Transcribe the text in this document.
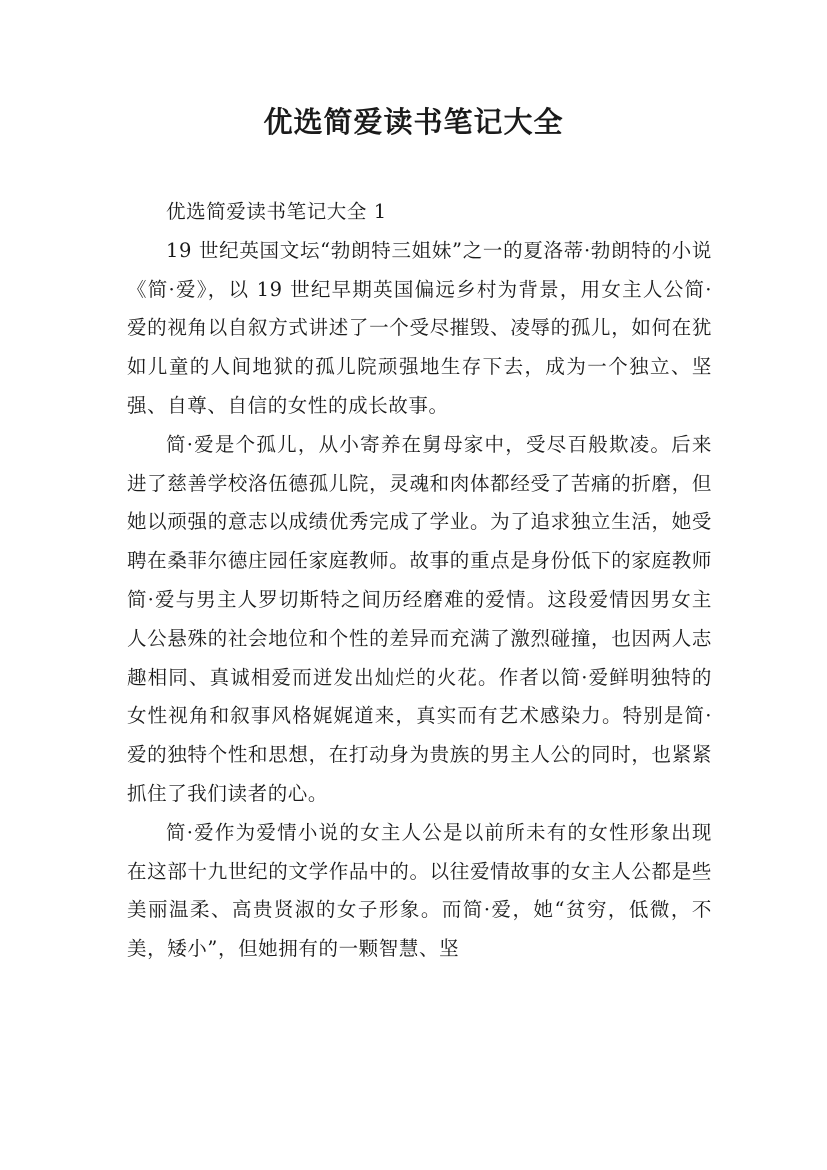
优选简爱读书笔记大全

优选简爱读书笔记大全 1

19 世纪英国文坛“勃朗特三姐妹”之一的夏洛蒂·勃朗特的小说《简·爱》，以 19 世纪早期英国偏远乡村为背景，用女主人公简·爱的视角以自叙方式讲述了一个受尽摧毁、凌辱的孤儿，如何在犹如儿童的人间地狱的孤儿院顽强地生存下去，成为一个独立、坚强、自尊、自信的女性的成长故事。

简·爱是个孤儿，从小寄养在舅母家中，受尽百般欺凌。后来进了慈善学校洛伍德孤儿院，灵魂和肉体都经受了苦痛的折磨，但她以顽强的意志以成绩优秀完成了学业。为了追求独立生活，她受聘在桑菲尔德庄园任家庭教师。故事的重点是身份低下的家庭教师简·爱与男主人罗切斯特之间历经磨难的爱情。这段爱情因男女主人公悬殊的社会地位和个性的差异而充满了激烈碰撞，也因两人志趣相同、真诚相爱而迸发出灿烂的火花。作者以简·爱鲜明独特的女性视角和叙事风格娓娓道来，真实而有艺术感染力。特别是简·爱的独特个性和思想，在打动身为贵族的男主人公的同时，也紧紧抓住了我们读者的心。

简·爱作为爱情小说的女主人公是以前所未有的女性形象出现在这部十九世纪的文学作品中的。以往爱情故事的女主人公都是些美丽温柔、高贵贤淑的女子形象。而简·爱，她“贫穷，低微，不美，矮小”，但她拥有的一颗智慧、坚
